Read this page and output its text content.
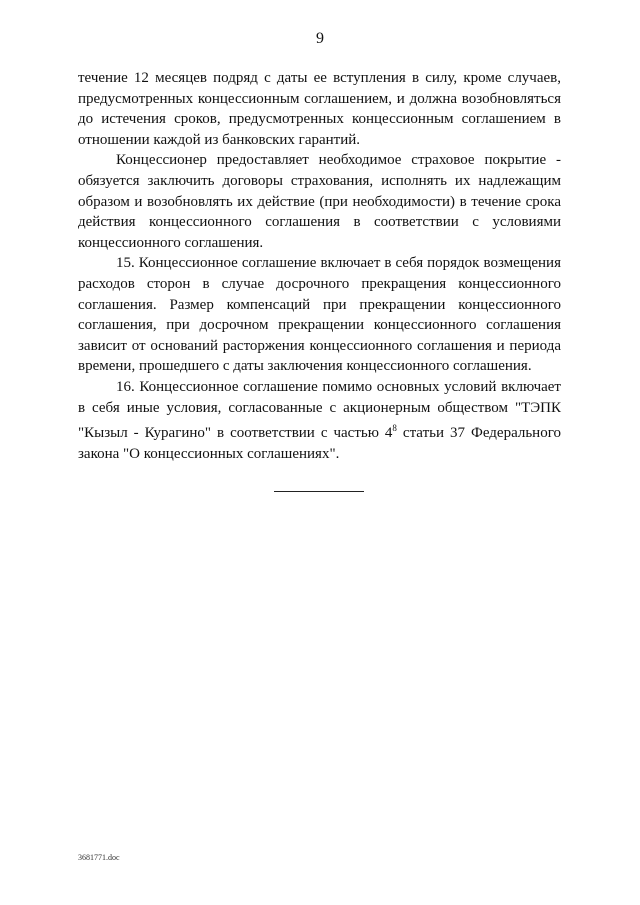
9

течение 12 месяцев подряд с даты ее вступления в силу, кроме случаев, предусмотренных концессионным соглашением, и должна возобновляться до истечения сроков, предусмотренных концессионным соглашением в отношении каждой из банковских гарантий.

Концессионер предоставляет необходимое страховое покрытие - обязуется заключить договоры страхования, исполнять их надлежащим образом и возобновлять их действие (при необходимости) в течение срока действия концессионного соглашения в соответствии с условиями концессионного соглашения.

15. Концессионное соглашение включает в себя порядок возмещения расходов сторон в случае досрочного прекращения концессионного соглашения. Размер компенсаций при прекращении концессионного соглашения, при досрочном прекращении концессионного соглашения зависит от оснований расторжения концессионного соглашения и периода времени, прошедшего с даты заключения концессионного соглашения.

16. Концессионное соглашение помимо основных условий включает в себя иные условия, согласованные с акционерным обществом "ТЭПК "Кызыл - Курагино" в соответствии с частью $4^8$ статьи 37 Федерального закона "О концессионных соглашениях".

3681771.doc
